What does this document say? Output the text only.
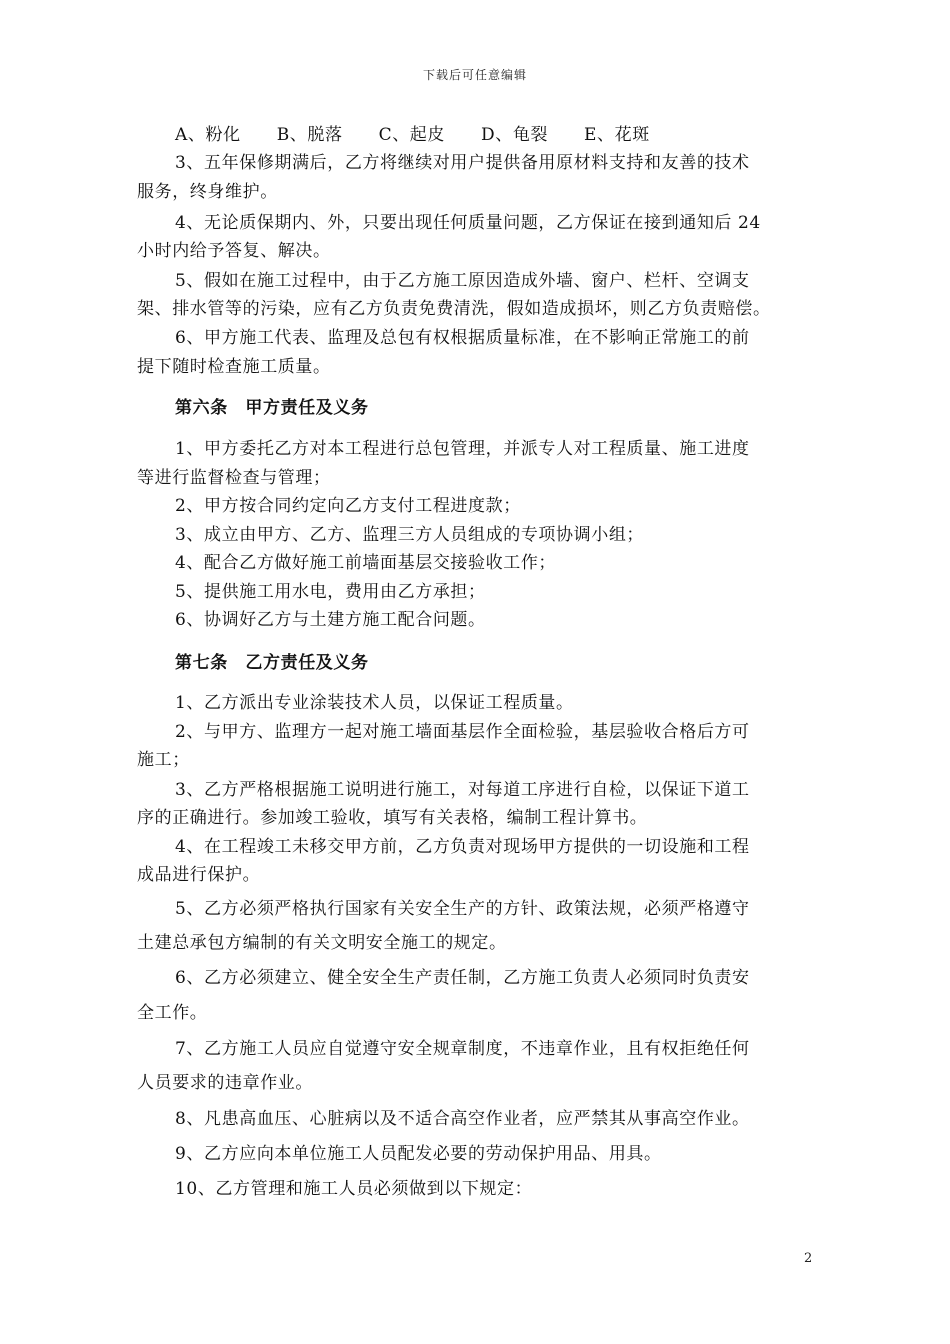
下载后可任意编辑
A、粉化 B、脱落 C、起皮 D、龟裂 E、花斑
3、五年保修期满后，乙方将继续对用户提供备用原材料支持和友善的技术
服务，终身维护。
4、无论质保期内、外，只要出现任何质量问题，乙方保证在接到通知后 24
小时内给予答复、解决。
5、假如在施工过程中，由于乙方施工原因造成外墙、窗户、栏杆、空调支
架、排水管等的污染，应有乙方负责免费清洗，假如造成损坏，则乙方负责赔偿。
6、甲方施工代表、监理及总包有权根据质量标准，在不影响正常施工的前
提下随时检查施工质量。
第六条　甲方责任及义务
1、甲方委托乙方对本工程进行总包管理，并派专人对工程质量、施工进度
等进行监督检查与管理；
2、甲方按合同约定向乙方支付工程进度款；
3、成立由甲方、乙方、监理三方人员组成的专项协调小组；
4、配合乙方做好施工前墙面基层交接验收工作；
5、提供施工用水电，费用由乙方承担；
6、协调好乙方与土建方施工配合问题。
第七条　乙方责任及义务
1、乙方派出专业涂装技术人员，以保证工程质量。
2、与甲方、监理方一起对施工墙面基层作全面检验，基层验收合格后方可
施工；
3、乙方严格根据施工说明进行施工，对每道工序进行自检，以保证下道工
序的正确进行。参加竣工验收，填写有关表格，编制工程计算书。
4、在工程竣工未移交甲方前，乙方负责对现场甲方提供的一切设施和工程
成品进行保护。
5、乙方必须严格执行国家有关安全生产的方针、政策法规，必须严格遵守
土建总承包方编制的有关文明安全施工的规定。
6、乙方必须建立、健全安全生产责任制，乙方施工负责人必须同时负责安
全工作。
7、乙方施工人员应自觉遵守安全规章制度，不违章作业，且有权拒绝任何
人员要求的违章作业。
8、凡患高血压、心脏病以及不适合高空作业者，应严禁其从事高空作业。
9、乙方应向本单位施工人员配发必要的劳动保护用品、用具。
10、乙方管理和施工人员必须做到以下规定：
2
